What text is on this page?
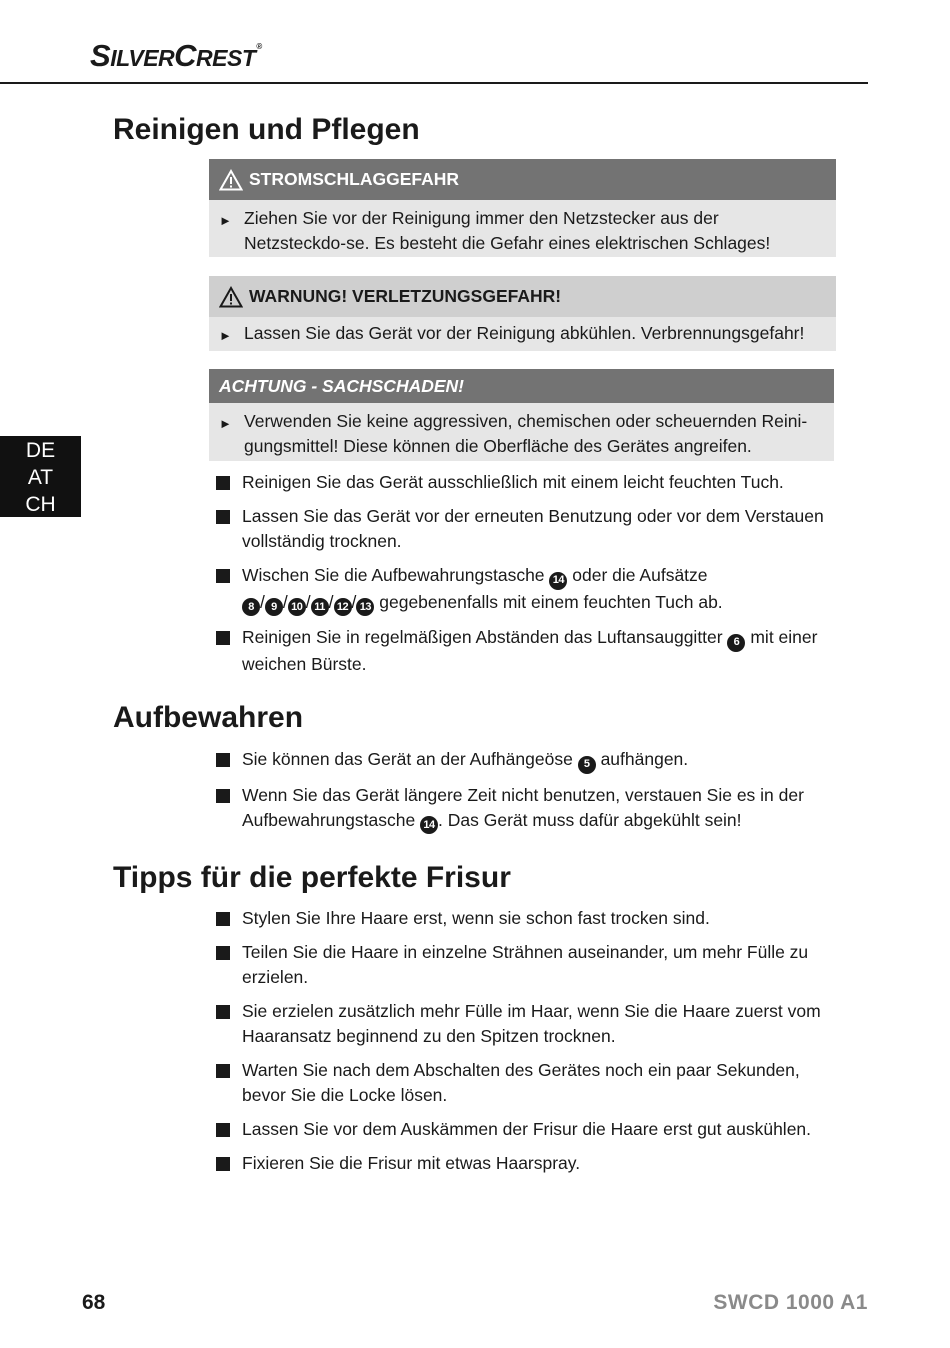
SILVERCREST®
DE
AT
CH
Reinigen und Pflegen
STROMSCHLAGGEFAHR
► Ziehen Sie vor der Reinigung immer den Netzstecker aus der Netzsteckdo-se. Es besteht die Gefahr eines elektrischen Schlages!
WARNUNG! VERLETZUNGSGEFAHR!
► Lassen Sie das Gerät vor der Reinigung abkühlen. Verbrennungsgefahr!
ACHTUNG - SACHSCHADEN!
► Verwenden Sie keine aggressiven, chemischen oder scheuernden Reini-gungsmittel! Diese können die Oberfläche des Gerätes angreifen.
Reinigen Sie das Gerät ausschließlich mit einem leicht feuchten Tuch.
Lassen Sie das Gerät vor der erneuten Benutzung oder vor dem Verstauen vollständig trocknen.
Wischen Sie die Aufbewahrungstasche 14 oder die Aufsätze
8 / 9 / 10 / 11 / 12 / 13 gegebenenfalls mit einem feuchten Tuch ab.
Reinigen Sie in regelmäßigen Abständen das Luftansauggitter 6 mit einer weichen Bürste.
Aufbewahren
Sie können das Gerät an der Aufhängeöse 5 aufhängen.
Wenn Sie das Gerät längere Zeit nicht benutzen, verstauen Sie es in der Aufbewahrungstasche 14 . Das Gerät muss dafür abgekühlt sein!
Tipps für die perfekte Frisur
Stylen Sie Ihre Haare erst, wenn sie schon fast trocken sind.
Teilen Sie die Haare in einzelne Strähnen auseinander, um mehr Fülle zu erzielen.
Sie erzielen zusätzlich mehr Fülle im Haar, wenn Sie die Haare zuerst vom Haaransatz beginnend zu den Spitzen trocknen.
Warten Sie nach dem Abschalten des Gerätes noch ein paar Sekunden, bevor Sie die Locke lösen.
Lassen Sie vor dem Auskämmen der Frisur die Haare erst gut auskühlen.
Fixieren Sie die Frisur mit etwas Haarspray.
68	SWCD 1000 A1
